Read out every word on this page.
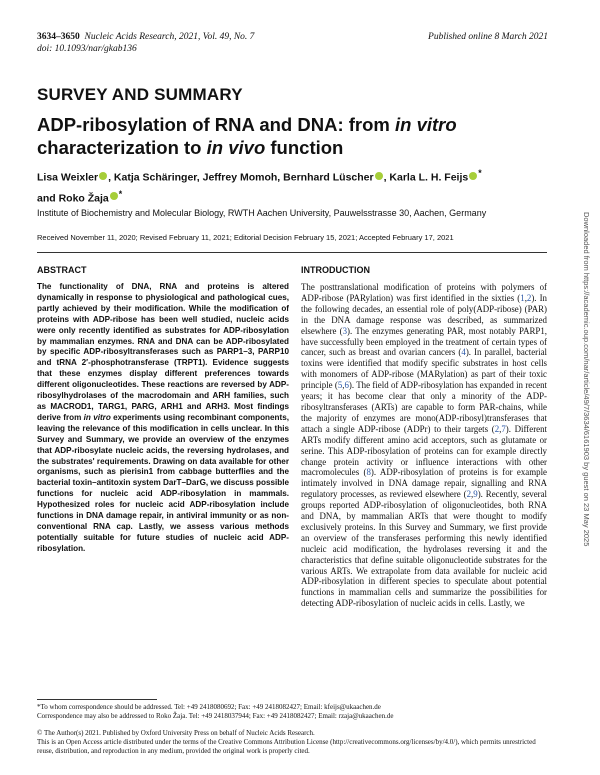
3634–3650 Nucleic Acids Research, 2021, Vol. 49, No. 7
doi: 10.1093/nar/gkab136
Published online 8 March 2021
SURVEY AND SUMMARY
ADP-ribosylation of RNA and DNA: from in vitro
characterization to in vivo function
Lisa Weixler , Katja Schäringer, Jeffrey Momoh, Bernhard Lüscher , Karla L. H. Feijs *
and Roko Žaja *
Institute of Biochemistry and Molecular Biology, RWTH Aachen University, Pauwelsstrasse 30, Aachen, Germany
Received November 11, 2020; Revised February 11, 2021; Editorial Decision February 15, 2021; Accepted February 17, 2021
ABSTRACT
The functionality of DNA, RNA and proteins is altered dynamically in response to physiological and pathological cues, partly achieved by their modification. While the modification of proteins with ADP-ribose has been well studied, nucleic acids were only recently identified as substrates for ADP-ribosylation by mammalian enzymes. RNA and DNA can be ADP-ribosylated by specific ADP-ribosyltransferases such as PARP1–3, PARP10 and tRNA 2′-phosphotransferase (TRPT1). Evidence suggests that these enzymes display different preferences towards different oligonucleotides. These reactions are reversed by ADP-ribosylhydrolases of the macrodomain and ARH families, such as MACROD1, TARG1, PARG, ARH1 and ARH3. Most findings derive from in vitro experiments using recombinant components, leaving the relevance of this modification in cells unclear. In this Survey and Summary, we provide an overview of the enzymes that ADP-ribosylate nucleic acids, the reversing hydrolases, and the substrates' requirements. Drawing on data available for other organisms, such as pierisin1 from cabbage butterflies and the bacterial toxin–antitoxin system DarT–DarG, we discuss possible functions for nucleic acid ADP-ribosylation in mammals. Hypothesized roles for nucleic acid ADP-ribosylation include functions in DNA damage repair, in antiviral immunity or as non-conventional RNA cap. Lastly, we assess various methods potentially suitable for future studies of nucleic acid ADP-ribosylation.
INTRODUCTION
The posttranslational modification of proteins with polymers of ADP-ribose (PARylation) was first identified in the sixties (1,2). In the following decades, an essential role of poly(ADP-ribose) (PAR) in the DNA damage response was described, as summarized elsewhere (3). The enzymes generating PAR, most notably PARP1, have successfully been employed in the treatment of certain types of cancer, such as breast and ovarian cancers (4). In parallel, bacterial toxins were identified that modify specific substrates in host cells with monomers of ADP-ribose (MARylation) as part of their toxic principle (5,6). The field of ADP-ribosylation has expanded in recent years; it has become clear that only a minority of the ADP-ribosyltransferases (ARTs) are capable to form PAR-chains, while the majority of enzymes are mono(ADP-ribosyl)transferases that attach a single ADP-ribose (ADPr) to their targets (2,7). Different ARTs modify different amino acid acceptors, such as glutamate or serine. This ADP-ribosylation of proteins can for example directly change protein activity or influence interactions with other macromolecules (8). ADP-ribosylation of proteins is for example intimately involved in DNA damage repair, signalling and RNA regulatory processes, as reviewed elsewhere (2,9). Recently, several groups reported ADP-ribosylation of oligonucleotides, both RNA and DNA, by mammalian ARTs that were thought to modify exclusively proteins. In this Survey and Summary, we first provide an overview of the transferases performing this newly identified nucleic acid modification, the hydrolases reversing it and the characteristics that define suitable oligonucleotide substrates for the various ARTs. We extrapolate from data available for nucleic acid ADP-ribosylation in different species to speculate about potential functions in mammalian cells and summarize the possibilities for detecting ADP-ribosylation of nucleic acids in cells. Lastly, we
*To whom correspondence should be addressed. Tel: +49 2418080692; Fax: +49 2418082427; Email: kfeijs@ukaachen.de
Correspondence may also be addressed to Roko Žaja. Tel: +49 2418037944; Fax: +49 2418082427; Email: rzaja@ukaachen.de
© The Author(s) 2021. Published by Oxford University Press on behalf of Nucleic Acids Research.
This is an Open Access article distributed under the terms of the Creative Commons Attribution License (http://creativecommons.org/licenses/by/4.0/), which permits unrestricted reuse, distribution, and reproduction in any medium, provided the original work is properly cited.
Downloaded from https://academic.oup.com/nar/article/49/7/3634/6161903 by guest on 23 May 2025
